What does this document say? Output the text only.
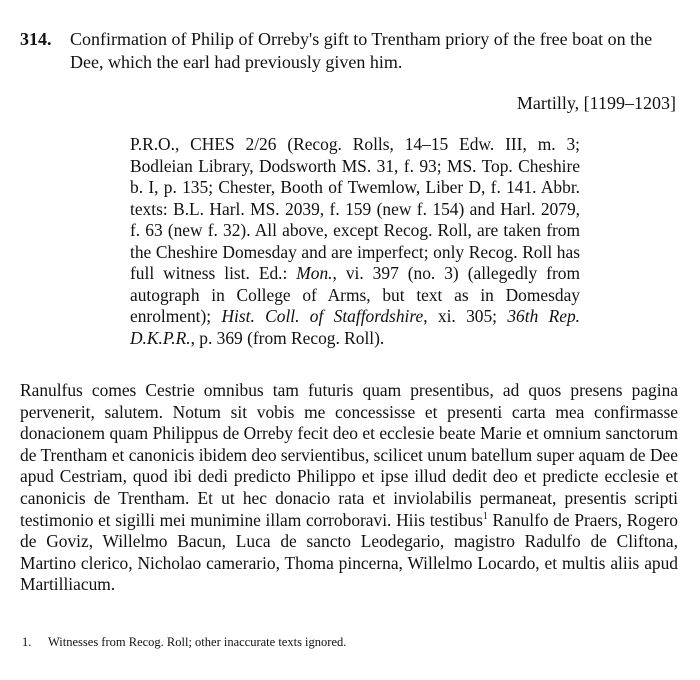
314. Confirmation of Philip of Orreby's gift to Trentham priory of the free boat on the Dee, which the earl had previously given him.
Martilly, [1199–1203]
P.R.O., CHES 2/26 (Recog. Rolls, 14–15 Edw. III, m. 3; Bodleian Library, Dodsworth MS. 31, f. 93; MS. Top. Cheshire b. I, p. 135; Chester, Booth of Twemlow, Liber D, f. 141. Abbr. texts: B.L. Harl. MS. 2039, f. 159 (new f. 154) and Harl. 2079, f. 63 (new f. 32). All above, except Recog. Roll, are taken from the Cheshire Domesday and are imperfect; only Recog. Roll has full witness list. Ed.: Mon., vi. 397 (no. 3) (allegedly from autograph in College of Arms, but text as in Domesday enrolment); Hist. Coll. of Staffordshire, xi. 305; 36th Rep. D.K.P.R., p. 369 (from Recog. Roll).
Ranulfus comes Cestrie omnibus tam futuris quam presentibus, ad quos presens pagina pervenerit, salutem. Notum sit vobis me concessisse et presenti carta mea confirmasse donacionem quam Philippus de Orreby fecit deo et ecclesie beate Marie et omnium sanctorum de Trentham et canonicis ibidem deo servientibus, scilicet unum batellum super aquam de Dee apud Cestriam, quod ibi dedi predicto Philippo et ipse illud dedit deo et predicte ecclesie et canonicis de Trentham. Et ut hec donacio rata et inviolabilis permaneat, presentis scripti testimonio et sigilli mei munimine illam corroboravi. Hiis testibus$^1$ Ranulfo de Praers, Rogero de Goviz, Willelmo Bacun, Luca de sancto Leodegario, magistro Radulfo de Cliftona, Martino clerico, Nicholao camerario, Thoma pincerna, Willelmo Locardo, et multis aliis apud Martilliacum.
1. Witnesses from Recog. Roll; other inaccurate texts ignored.
